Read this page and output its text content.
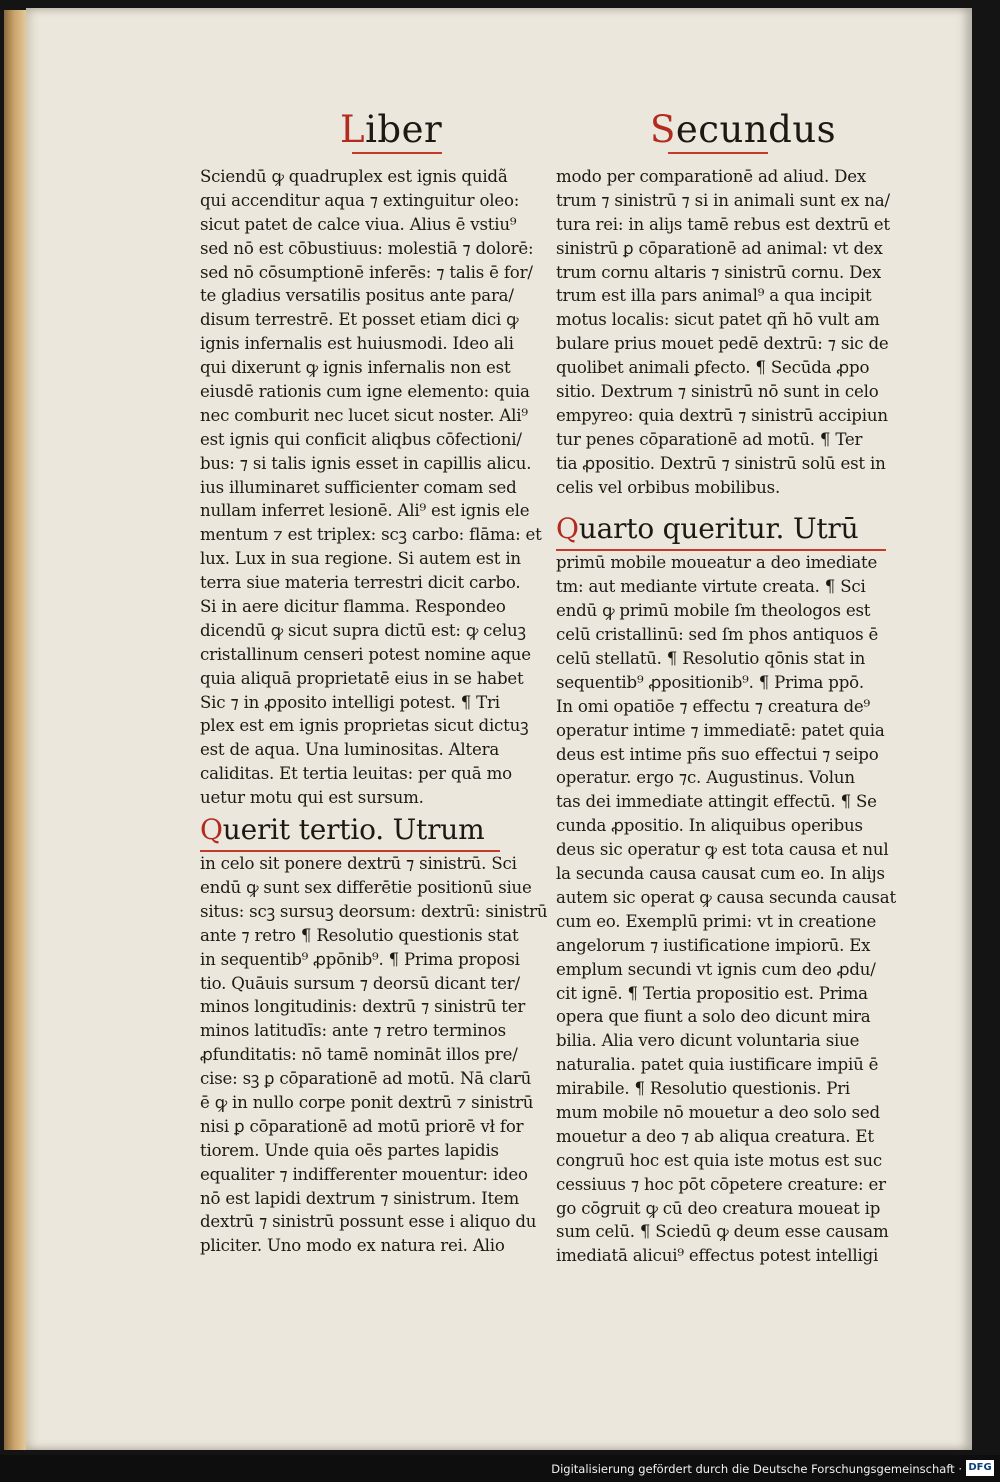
Liber	Secundus
Sciendū ꝙ quadruplex est ignis quidã
qui accenditur aqua ⁊ extinguitur oleo:
sicut patet de calce viua. Alius ē vstiu⁹
sed nō est cōbustiuus: molestiā ⁊ dolorē:
sed nō cōsumptionē inferēs: ⁊ talis ē for/
te gladius versatilis positus ante para/
disum terrestrē. Et posset etiam dici ꝙ
ignis infernalis est huiusmodi. Ideo ali
qui dixerunt ꝙ ignis infernalis non est
eiusdē rationis cum igne elemento: quia
nec comburit nec lucet sicut noster. Ali⁹
est ignis qui conficit aliqbus cōfectioni/
bus: ⁊ si talis ignis esset in capillis alicu.
ius illuminaret sufficienter comam sed
nullam inferret lesionē. Ali⁹ est ignis ele
mentum ⁊ est triplex: scꝫ carbo: flāma: et
lux. Lux in sua regione. Si autem est in
terra siue materia terrestri dicit carbo.
Si in aere dicitur flamma. Respondeo
dicendū ꝙ sicut supra dictū est: ꝙ celuꝫ
cristallinum censeri potest nomine aque
quia aliquā proprietatē eius in se habet
Sic ⁊ in ꝓposito intelligi potest. ¶ Tri
plex est em ignis proprietas sicut dictuꝫ
est de aqua. Una luminositas. Altera
caliditas. Et tertia leuitas: per quā mo
uetur motu qui est sursum.
Querit tertio. Utrum
in celo sit ponere dextrū ⁊ sinistrū. Sci
endū ꝙ sunt sex differētie positionū siue
situs: scꝫ sursuꝫ deorsum: dextrū: sinistrū
ante ⁊ retro ¶ Resolutio questionis stat
in sequentib⁹ ꝓpōnib⁹. ¶ Prima proposi
tio. Quāuis sursum ⁊ deorsū dicant ter/
minos longitudinis: dextrū ⁊ sinistrū ter
minos latitudīs: ante ⁊ retro terminos
ꝓfunditatis: nō tamē nomināt illos pre/
cise: sꝫ ꝑ cōparationē ad motū. Nā clarū
ē ꝙ in nullo corpe ponit dextrū ⁊ sinistrū
nisi ꝑ cōparationē ad motū priorē vł for
tiorem. Unde quia oēs partes lapidis
equaliter ⁊ indifferenter mouentur: ideo
nō est lapidi dextrum ⁊ sinistrum. Item
dextrū ⁊ sinistrū possunt esse i aliquo du
pliciter. Uno modo ex natura rei. Alio
modo per comparationē ad aliud. Dex
trum ⁊ sinistrū ⁊ si in animali sunt ex na/
tura rei: in aliȷs tamē rebus est dextrū et
sinistrū ꝑ cōparationē ad animal: vt dex
trum cornu altaris ⁊ sinistrū cornu. Dex
trum est illa pars animal⁹ a qua incipit
motus localis: sicut patet qñ hō vult am
bulare prius mouet pedē dextrū: ⁊ sic de
quolibet animali ꝑfecto. ¶ Secūda ꝓpo
sitio. Dextrum ⁊ sinistrū nō sunt in celo
empyreo: quia dextrū ⁊ sinistrū accipiun
tur penes cōparationē ad motū. ¶ Ter
tia ꝓpositio. Dextrū ⁊ sinistrū solū est in
celis vel orbibus mobilibus.
Quarto queritur. Utrū
primū mobile moueatur a deo imediate
tm: aut mediante virtute creata. ¶ Sci
endū ꝙ primū mobile ſm theologos est
celū cristallinū: sed ſm phos antiquos ē
celū stellatū. ¶ Resolutio qōnis stat in
sequentib⁹ ꝓpositionib⁹. ¶ Prima ppō.
In omi opatiōe ⁊ effectu ⁊ creatura de⁹
operatur intime ⁊ immediatē: patet quia
deus est intime pñs suo effectui ⁊ seipo
operatur. ergo ⁊c. Augustinus. Volun
tas dei immediate attingit effectū. ¶ Se
cunda ꝓpositio. In aliquibus operibus
deus sic operatur ꝙ est tota causa et nul
la secunda causa causat cum eo. In aliȷs
autem sic operat ꝙ causa secunda causat
cum eo. Exemplū primi: vt in creatione
angelorum ⁊ iustificatione impiorū. Ex
emplum secundi vt ignis cum deo ꝓdu/
cit ignē. ¶ Tertia propositio est. Prima
opera que fiunt a solo deo dicunt mira
bilia. Alia vero dicunt voluntaria siue
naturalia. patet quia iustificare impiū ē
mirabile. ¶ Resolutio questionis. Pri
mum mobile nō mouetur a deo solo sed
mouetur a deo ⁊ ab aliqua creatura. Et
congruū hoc est quia iste motus est suc
cessiuus ⁊ hoc pōt cōpetere creature: er
go cōgruit ꝙ cū deo creatura moueat ip
sum celū. ¶ Sciedū ꝙ deum esse causam
imediatā alicui⁹ effectus potest intelligi
Digitalisierung gefördert durch die Deutsche Forschungsgemeinschaft · DFG
